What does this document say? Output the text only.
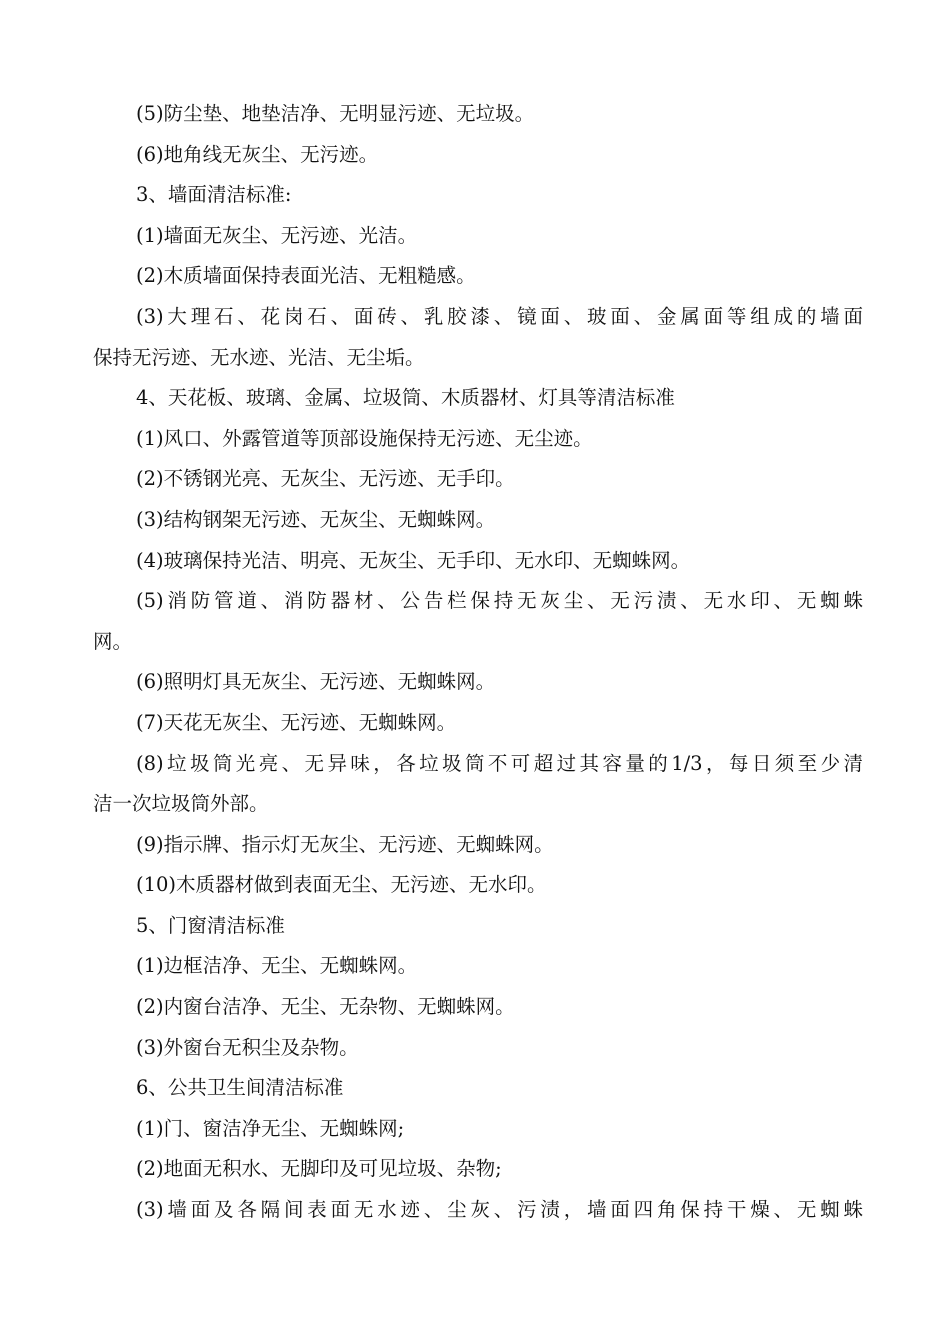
(5)防尘垫、地垫洁净、无明显污迹、无垃圾。
(6)地角线无灰尘、无污迹。
3、墙面清洁标准:
(1)墙面无灰尘、无污迹、光洁。
(2)木质墙面保持表面光洁、无粗糙感。
(3)大理石、花岗石、面砖、乳胶漆、镜面、玻面、金属面等组成的墙面
保持无污迹、无水迹、光洁、无尘垢。
4、天花板、玻璃、金属、垃圾筒、木质器材、灯具等清洁标准
(1)风口、外露管道等顶部设施保持无污迹、无尘迹。
(2)不锈钢光亮、无灰尘、无污迹、无手印。
(3)结构钢架无污迹、无灰尘、无蜘蛛网。
(4)玻璃保持光洁、明亮、无灰尘、无手印、无水印、无蜘蛛网。
(5)消防管道、消防器材、公告栏保持无灰尘、无污渍、无水印、无蜘蛛
网。
(6)照明灯具无灰尘、无污迹、无蜘蛛网。
(7)天花无灰尘、无污迹、无蜘蛛网。
(8)垃圾筒光亮、无异味，各垃圾筒不可超过其容量的1/3，每日须至少清
洁一次垃圾筒外部。
(9)指示牌、指示灯无灰尘、无污迹、无蜘蛛网。
(10)木质器材做到表面无尘、无污迹、无水印。
5、门窗清洁标准
(1)边框洁净、无尘、无蜘蛛网。
(2)内窗台洁净、无尘、无杂物、无蜘蛛网。
(3)外窗台无积尘及杂物。
6、公共卫生间清洁标准
(1)门、窗洁净无尘、无蜘蛛网;
(2)地面无积水、无脚印及可见垃圾、杂物;
(3)墙面及各隔间表面无水迹、尘灰、污渍，墙面四角保持干燥、无蜘蛛
